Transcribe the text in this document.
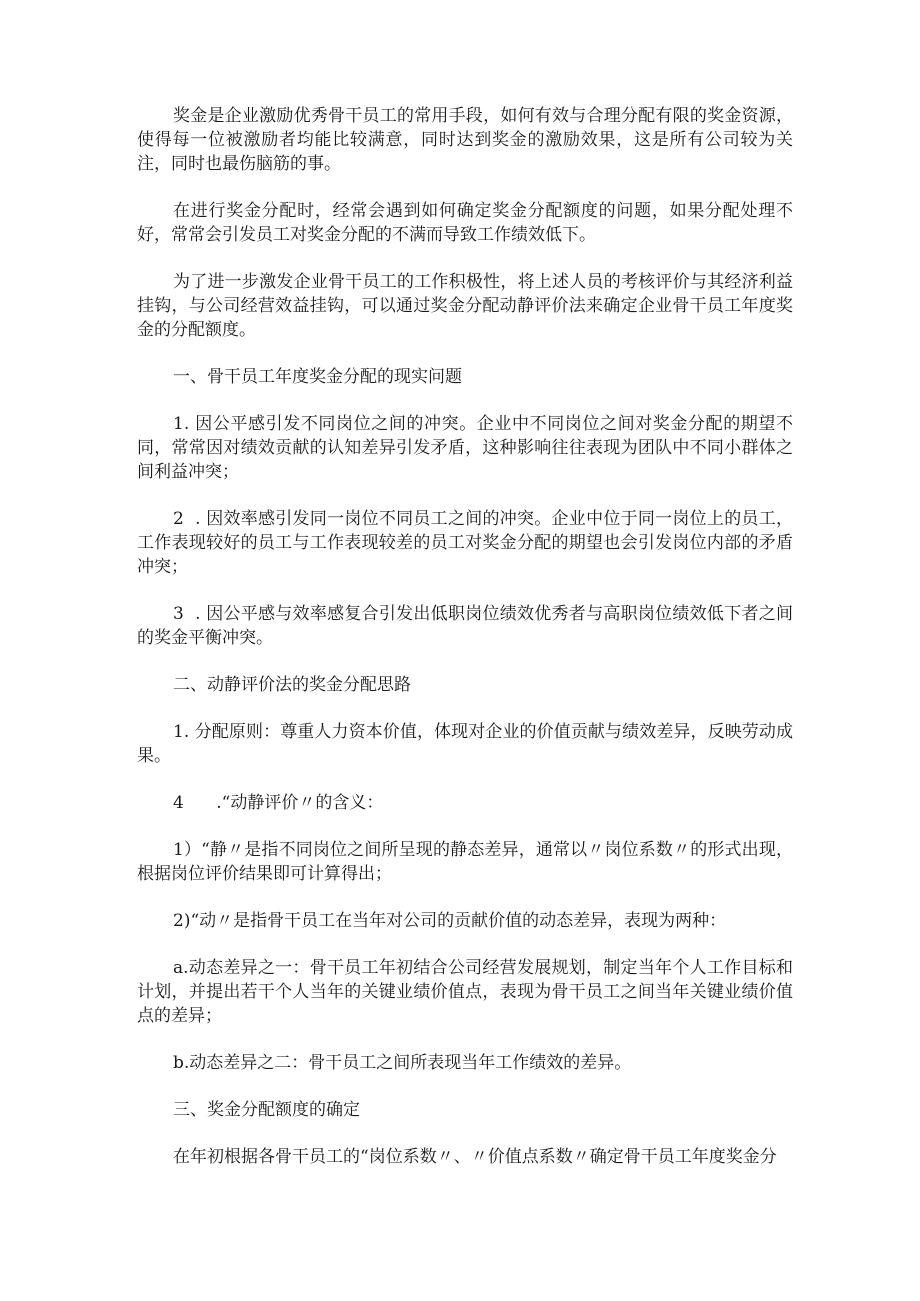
奖金是企业激励优秀骨干员工的常用手段，如何有效与合理分配有限的奖金资源，使得每一位被激励者均能比较满意，同时达到奖金的激励效果，这是所有公司较为关注，同时也最伤脑筋的事。

在进行奖金分配时，经常会遇到如何确定奖金分配额度的问题，如果分配处理不好，常常会引发员工对奖金分配的不满而导致工作绩效低下。

为了进一步激发企业骨干员工的工作积极性，将上述人员的考核评价与其经济利益挂钩，与公司经营效益挂钩，可以通过奖金分配动静评价法来确定企业骨干员工年度奖金的分配额度。

一、骨干员工年度奖金分配的现实问题

1. 因公平感引发不同岗位之间的冲突。企业中不同岗位之间对奖金分配的期望不同，常常因对绩效贡献的认知差异引发矛盾，这种影响往往表现为团队中不同小群体之间利益冲突；

2  . 因效率感引发同一岗位不同员工之间的冲突。企业中位于同一岗位上的员工，工作表现较好的员工与工作表现较差的员工对奖金分配的期望也会引发岗位内部的矛盾冲突；

3  . 因公平感与效率感复合引发出低职岗位绩效优秀者与高职岗位绩效低下者之间的奖金平衡冲突。

二、动静评价法的奖金分配思路

1. 分配原则：尊重人力资本价值，体现对企业的价值贡献与绩效差异，反映劳动成果。

4      .“动静评价〃的含义：

1）“静〃是指不同岗位之间所呈现的静态差异，通常以〃岗位系数〃的形式出现，根据岗位评价结果即可计算得出；

2)“动〃是指骨干员工在当年对公司的贡献价值的动态差异，表现为两种：

a.动态差异之一：骨干员工年初结合公司经营发展规划，制定当年个人工作目标和计划，并提出若干个人当年的关键业绩价值点，表现为骨干员工之间当年关键业绩价值点的差异；

b.动态差异之二：骨干员工之间所表现当年工作绩效的差异。

三、奖金分配额度的确定

在年初根据各骨干员工的“岗位系数〃、〃价值点系数〃确定骨干员工年度奖金分
